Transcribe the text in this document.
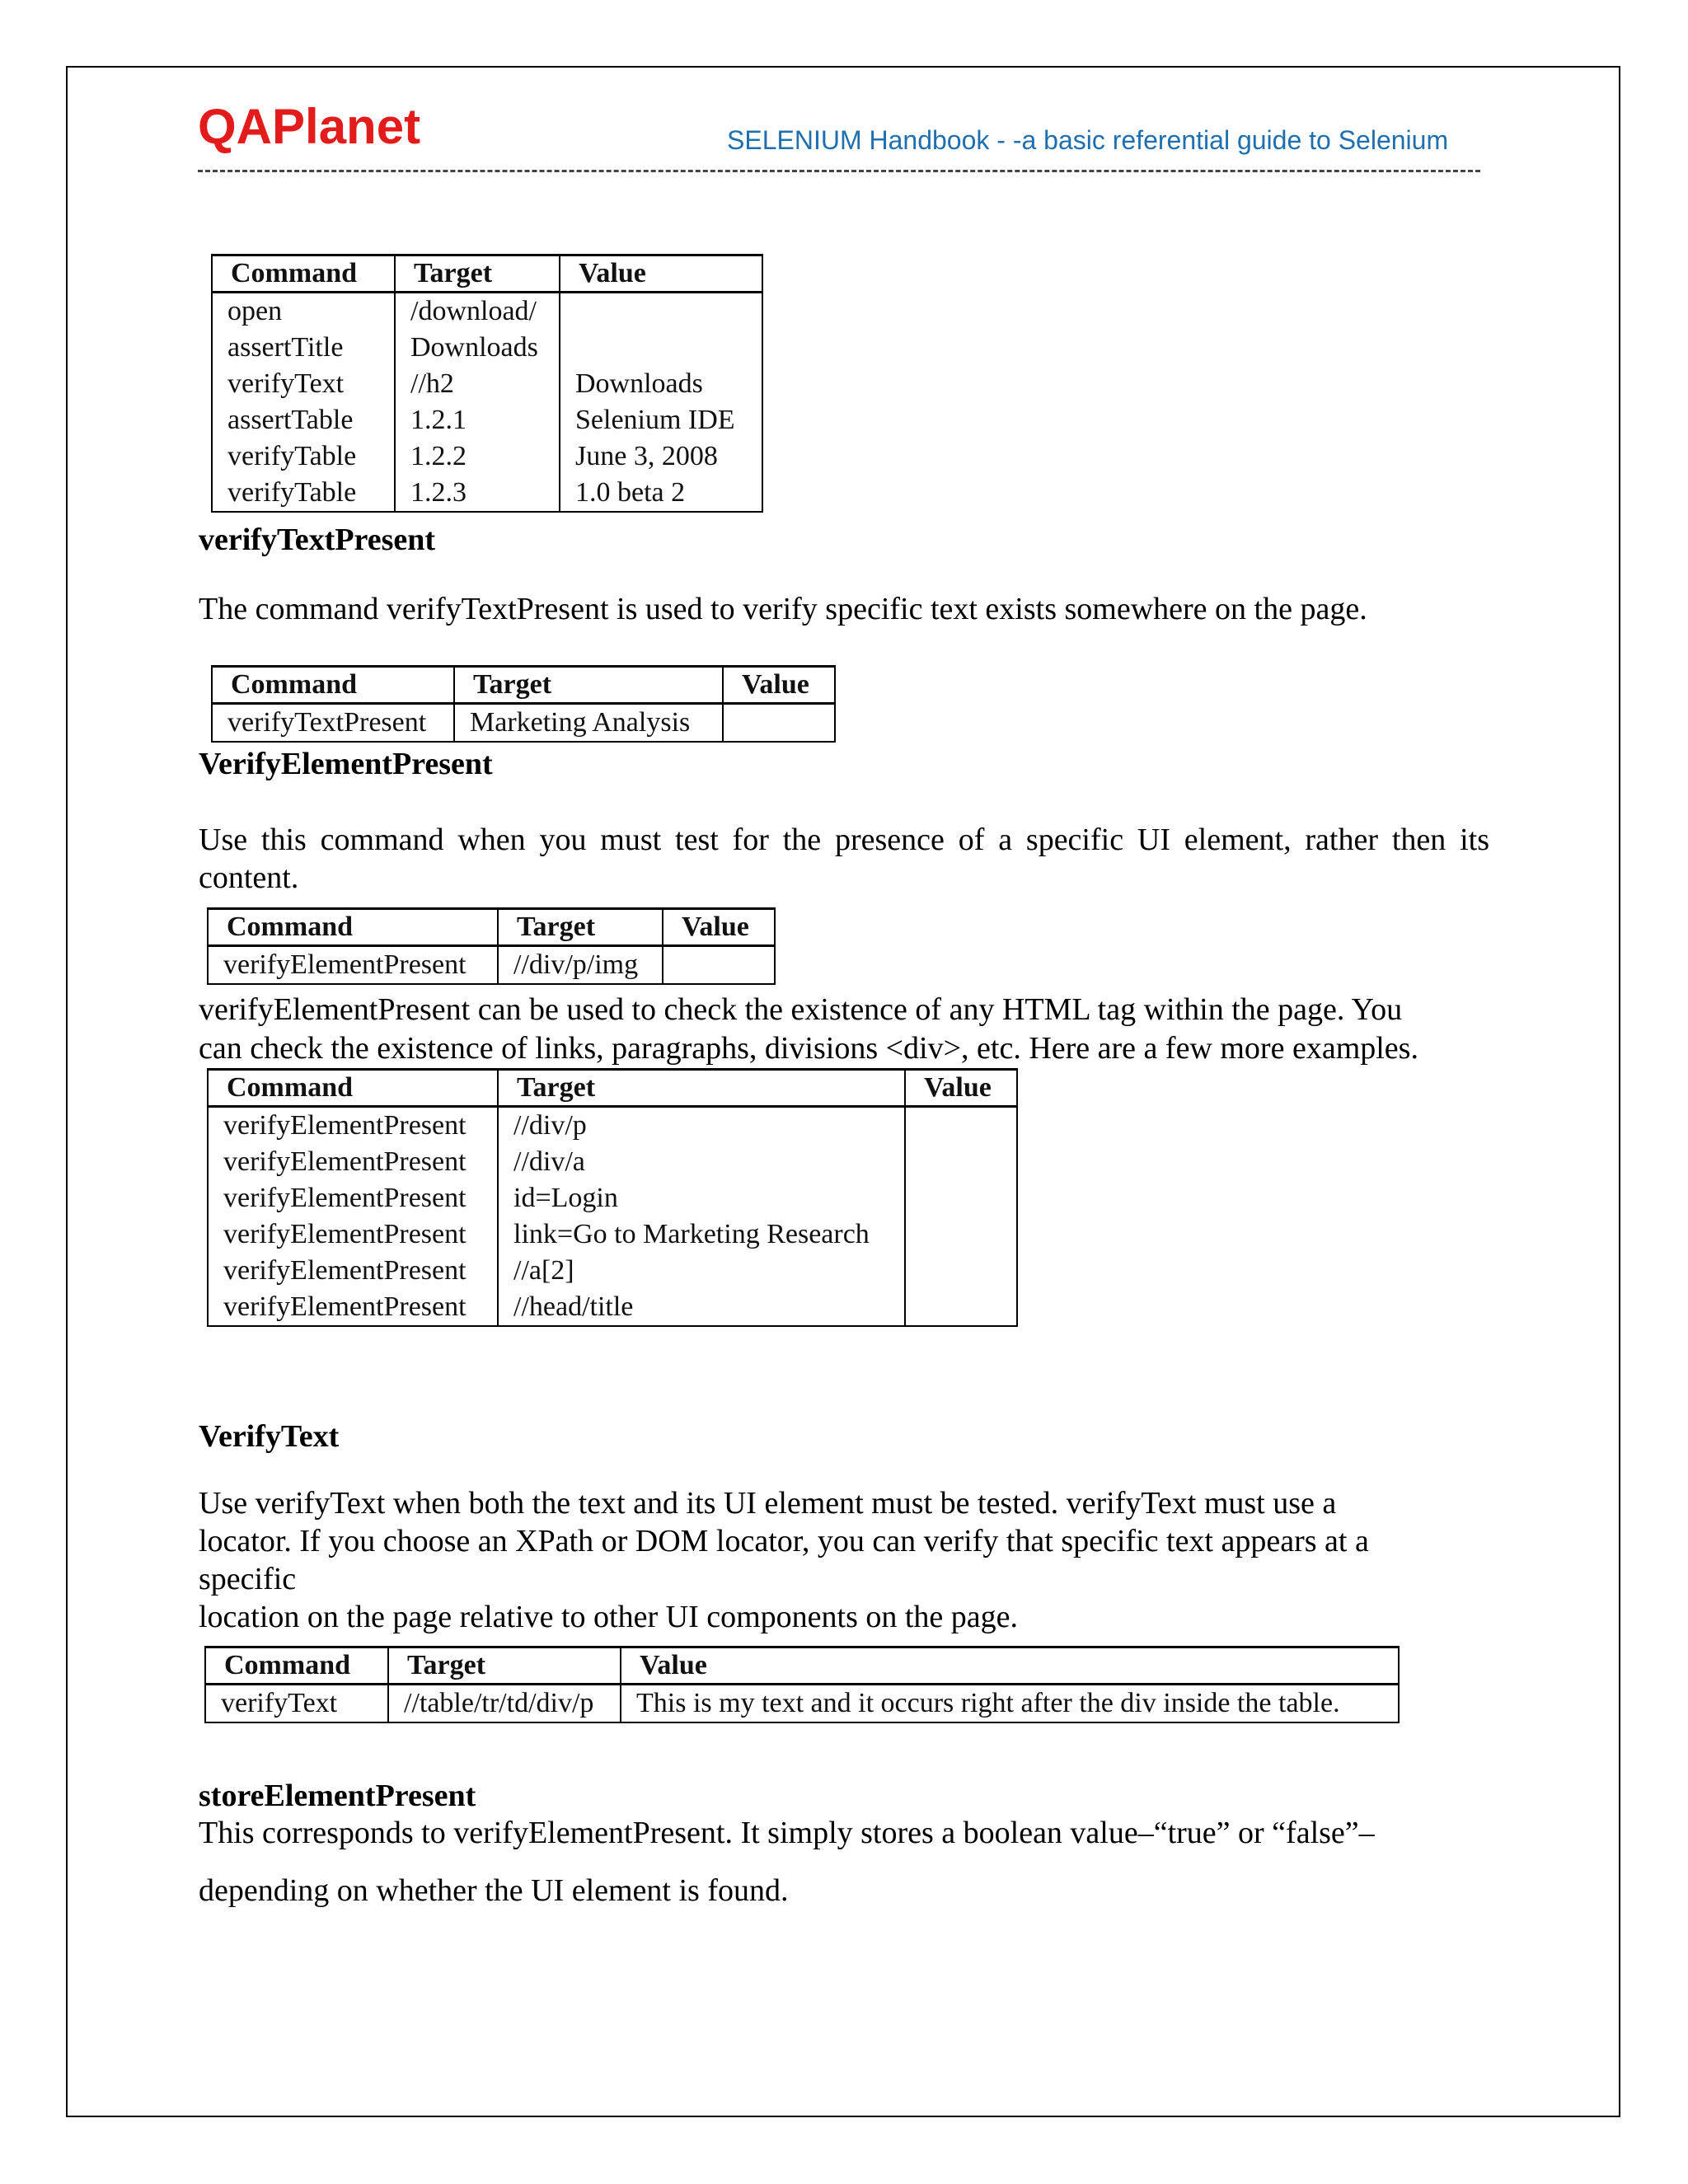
QAPlanet	SELENIUM Handbook - -a basic referential guide to Selenium
Command	Target	Value
open	/download/	
assertTitle	Downloads	
verifyText	//h2	Downloads
assertTable	1.2.1	Selenium IDE
verifyTable	1.2.2	June 3, 2008
verifyTable	1.2.3	1.0 beta 2
verifyTextPresent
The command verifyTextPresent is used to verify specific text exists somewhere on the page.
Command	Target	Value
verifyTextPresent	Marketing Analysis	
VerifyElementPresent
Use this command when you must test for the presence of a specific UI element, rather then its content.
Command	Target	Value
verifyElementPresent	//div/p/img	
verifyElementPresent can be used to check the existence of any HTML tag within the page. You
can check the existence of links, paragraphs, divisions <div>, etc. Here are a few more examples.
Command	Target	Value
verifyElementPresent	//div/p	
verifyElementPresent	//div/a	
verifyElementPresent	id=Login	
verifyElementPresent	link=Go to Marketing Research	
verifyElementPresent	//a[2]	
verifyElementPresent	//head/title	
VerifyText
Use verifyText when both the text and its UI element must be tested. verifyText must use a
locator. If you choose an XPath or DOM locator, you can verify that specific text appears at a
specific
location on the page relative to other UI components on the page.
Command	Target	Value
verifyText	//table/tr/td/div/p	This is my text and it occurs right after the div inside the table.
storeElementPresent
This corresponds to verifyElementPresent. It simply stores a boolean value–“true” or “false”–
depending on whether the UI element is found.
